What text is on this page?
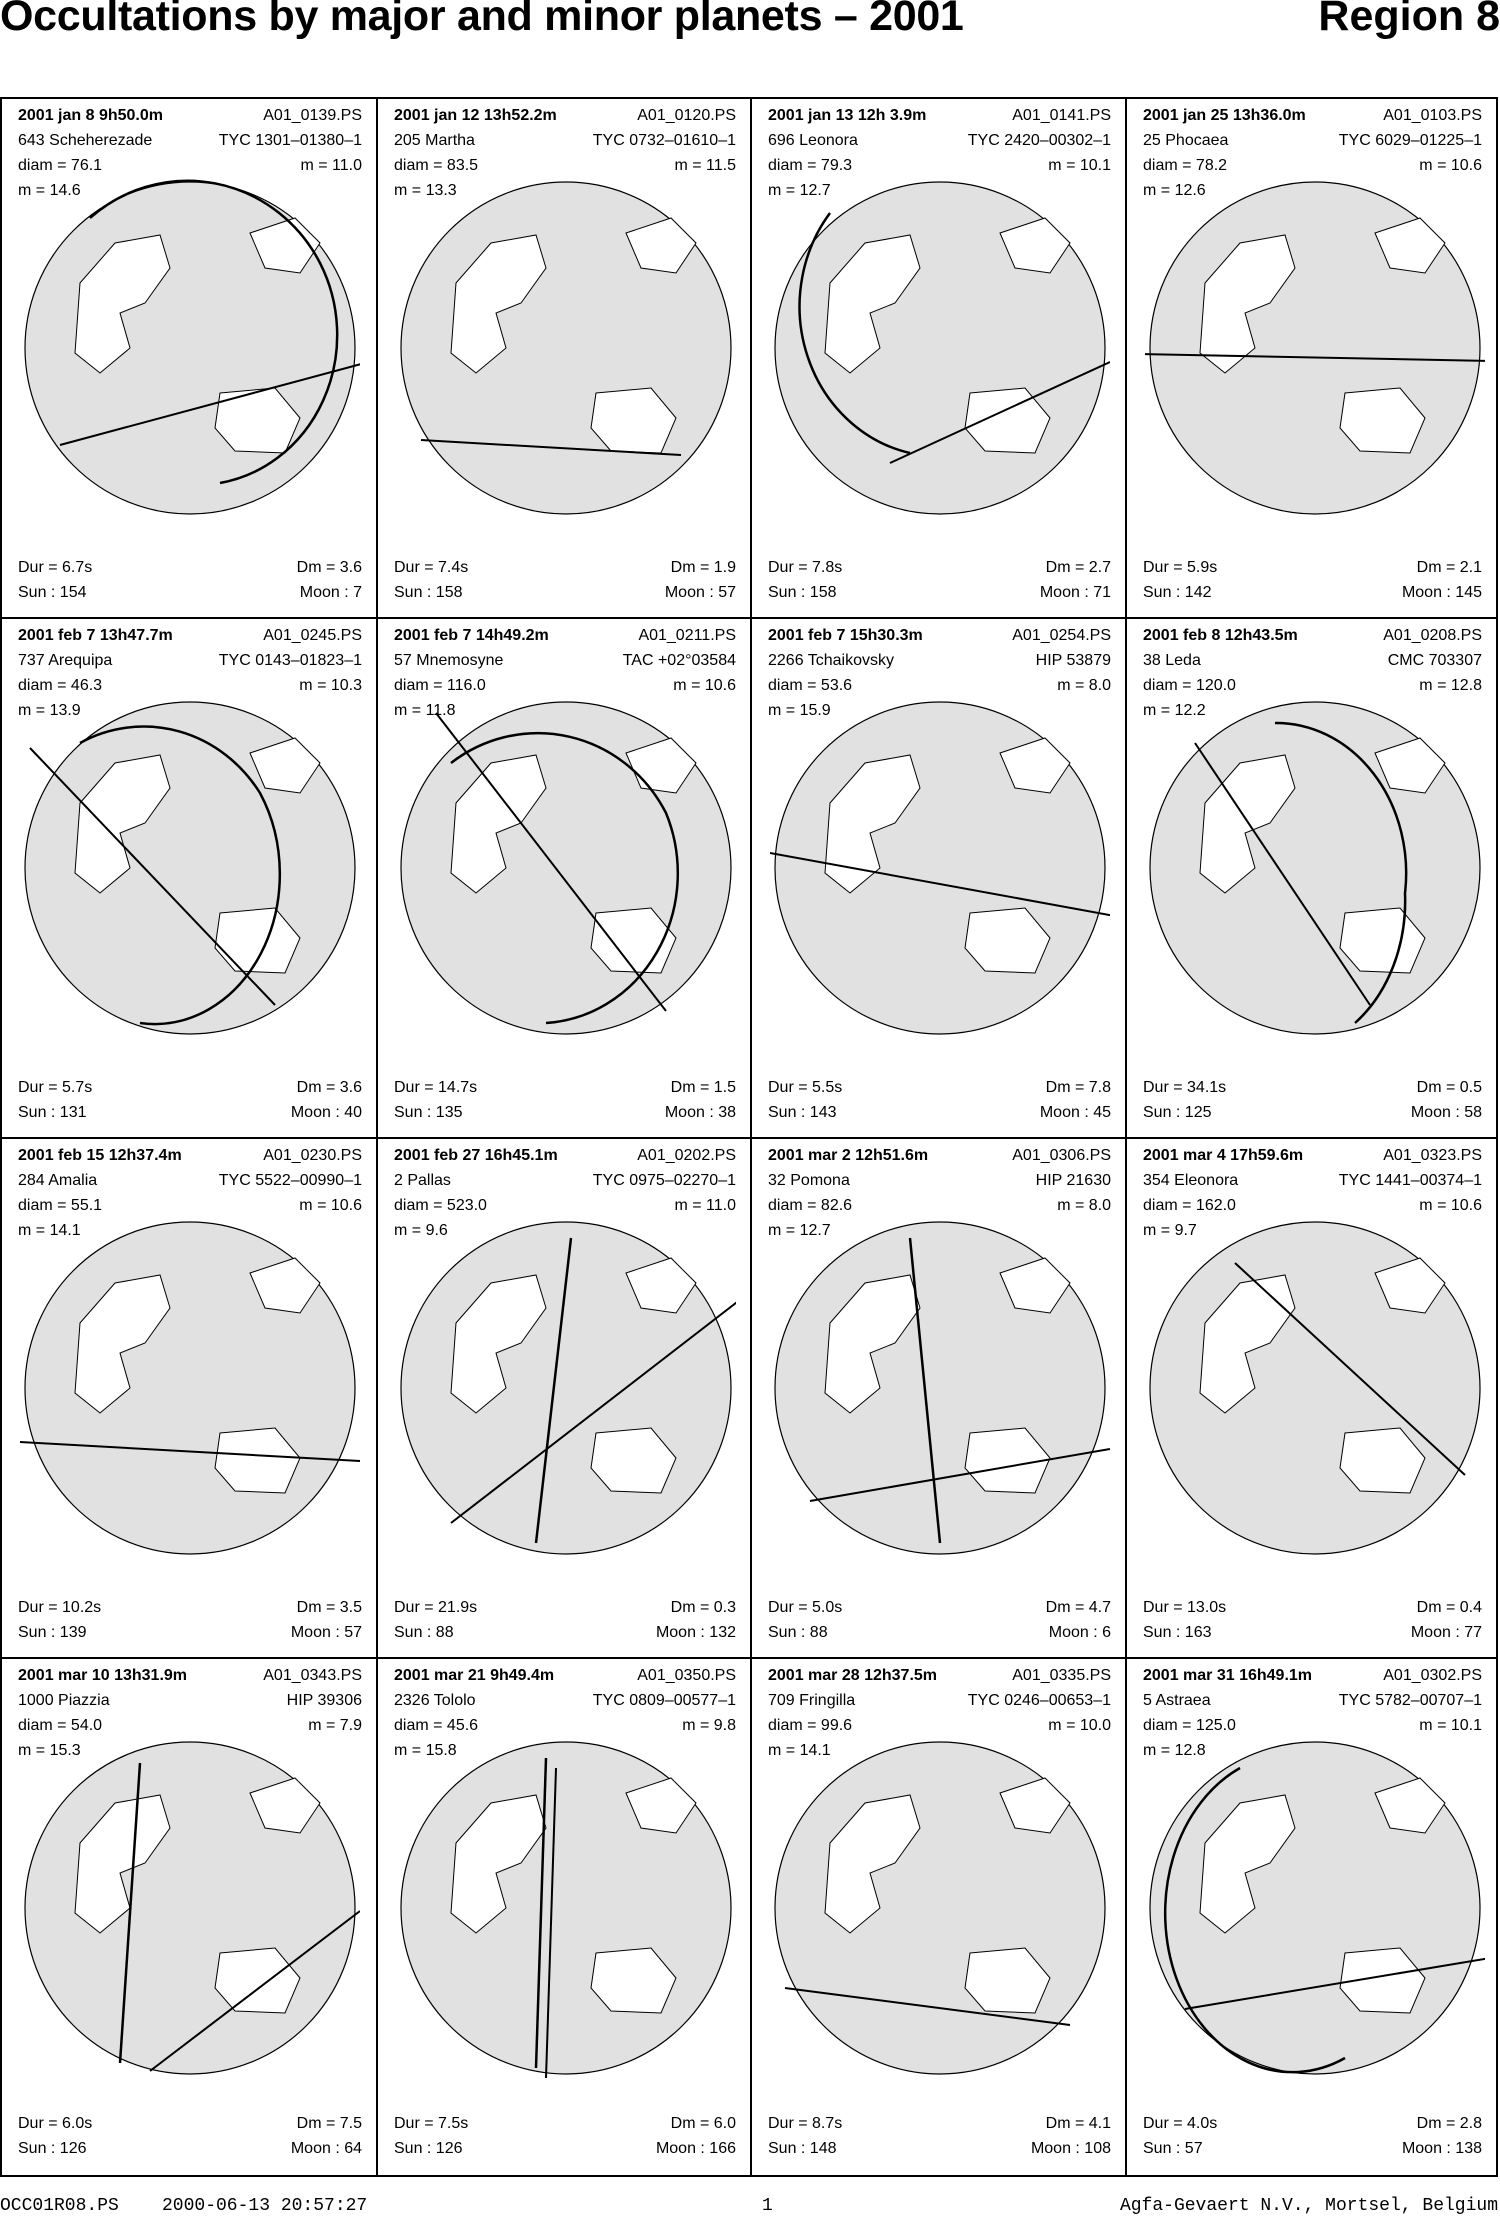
Occultations by major and minor planets – 2001	Region 8
2001 jan 8 9h50.0m	A01_0139.PS
643 Scheherezade	TYC 1301–01380–1
diam = 76.1	m = 11.0
m = 14.6
Dur = 6.7s	Dm = 3.6
Sun : 154	Moon : 7
2001 jan 12 13h52.2m	A01_0120.PS
205 Martha	TYC 0732–01610–1
diam = 83.5	m = 11.5
m = 13.3
Dur = 7.4s	Dm = 1.9
Sun : 158	Moon : 57
2001 jan 13 12h 3.9m	A01_0141.PS
696 Leonora	TYC 2420–00302–1
diam = 79.3	m = 10.1
m = 12.7
Dur = 7.8s	Dm = 2.7
Sun : 158	Moon : 71
2001 jan 25 13h36.0m	A01_0103.PS
25 Phocaea	TYC 6029–01225–1
diam = 78.2	m = 10.6
m = 12.6
Dur = 5.9s	Dm = 2.1
Sun : 142	Moon : 145
2001 feb 7 13h47.7m	A01_0245.PS
737 Arequipa	TYC 0143–01823–1
diam = 46.3	m = 10.3
m = 13.9
Dur = 5.7s	Dm = 3.6
Sun : 131	Moon : 40
2001 feb 7 14h49.2m	A01_0211.PS
57 Mnemosyne	TAC +02°03584
diam = 116.0	m = 10.6
m = 11.8
Dur = 14.7s	Dm = 1.5
Sun : 135	Moon : 38
2001 feb 7 15h30.3m	A01_0254.PS
2266 Tchaikovsky	HIP 53879
diam = 53.6	m = 8.0
m = 15.9
Dur = 5.5s	Dm = 7.8
Sun : 143	Moon : 45
2001 feb 8 12h43.5m	A01_0208.PS
38 Leda	CMC 703307
diam = 120.0	m = 12.8
m = 12.2
Dur = 34.1s	Dm = 0.5
Sun : 125	Moon : 58
2001 feb 15 12h37.4m	A01_0230.PS
284 Amalia	TYC 5522–00990–1
diam = 55.1	m = 10.6
m = 14.1
Dur = 10.2s	Dm = 3.5
Sun : 139	Moon : 57
2001 feb 27 16h45.1m	A01_0202.PS
2 Pallas	TYC 0975–02270–1
diam = 523.0	m = 11.0
m = 9.6
Dur = 21.9s	Dm = 0.3
Sun : 88	Moon : 132
2001 mar 2 12h51.6m	A01_0306.PS
32 Pomona	HIP 21630
diam = 82.6	m = 8.0
m = 12.7
Dur = 5.0s	Dm = 4.7
Sun : 88	Moon : 6
2001 mar 4 17h59.6m	A01_0323.PS
354 Eleonora	TYC 1441–00374–1
diam = 162.0	m = 10.6
m = 9.7
Dur = 13.0s	Dm = 0.4
Sun : 163	Moon : 77
2001 mar 10 13h31.9m	A01_0343.PS
1000 Piazzia	HIP 39306
diam = 54.0	m = 7.9
m = 15.3
Dur = 6.0s	Dm = 7.5
Sun : 126	Moon : 64
2001 mar 21 9h49.4m	A01_0350.PS
2326 Tololo	TYC 0809–00577–1
diam = 45.6	m = 9.8
m = 15.8
Dur = 7.5s	Dm = 6.0
Sun : 126	Moon : 166
2001 mar 28 12h37.5m	A01_0335.PS
709 Fringilla	TYC 0246–00653–1
diam = 99.6	m = 10.0
m = 14.1
Dur = 8.7s	Dm = 4.1
Sun : 148	Moon : 108
2001 mar 31 16h49.1m	A01_0302.PS
5 Astraea	TYC 5782–00707–1
diam = 125.0	m = 10.1
m = 12.8
Dur = 4.0s	Dm = 2.8
Sun : 57	Moon : 138
OCC01R08.PS 2000-06-13 20:57:27	1	Agfa-Gevaert N.V., Mortsel, Belgium
